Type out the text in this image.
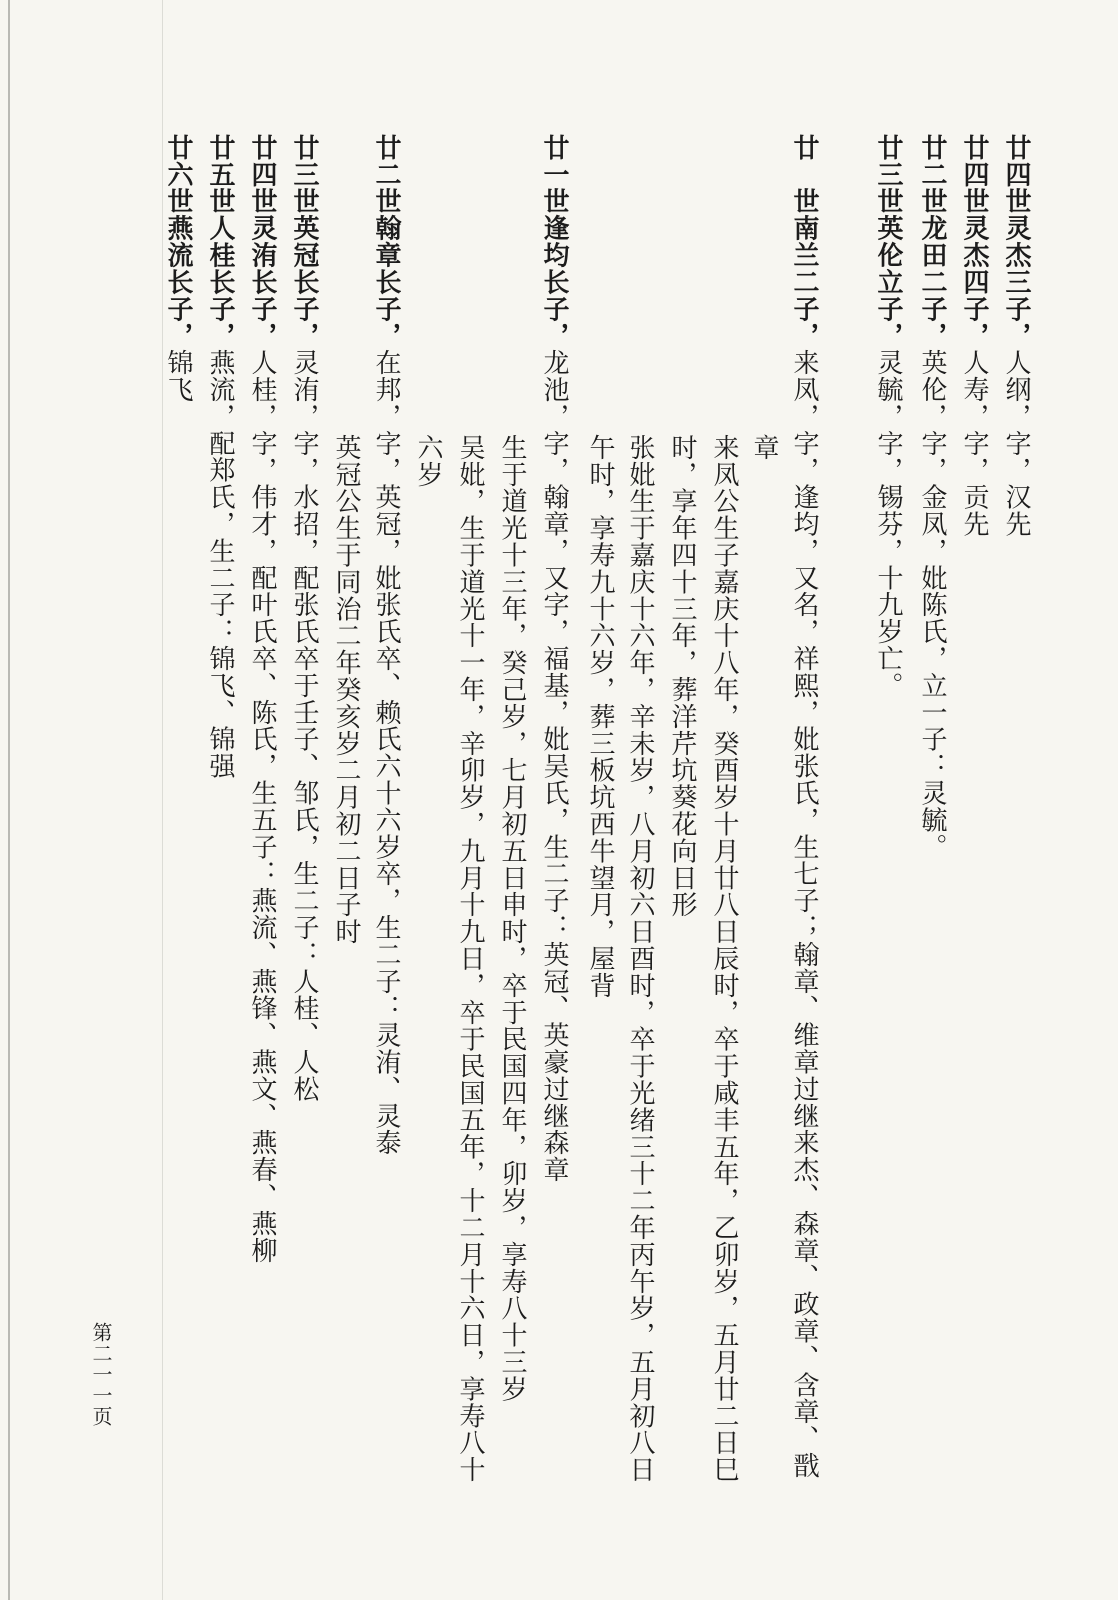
廿四世灵杰三子，人纲，字，汉先
廿四世灵杰四子，人寿，字，贡先
廿二世龙田二子，英伦，字，金凤，妣陈氏，立一子：灵毓。
廿三世英伦立子，灵毓，字，锡芬，十九岁亡。
廿　世南兰二子，来凤，字，逢均，又名，祥熙，妣张氏，生七子；翰章、维章过继来杰、森章、政章、含章、戬
章
来凤公生子嘉庆十八年，癸酉岁十月廿八日辰时，卒于咸丰五年，乙卯岁，五月廿二日巳
时，享年四十三年，葬洋芹坑葵花向日形
张妣生于嘉庆十六年，辛未岁，八月初六日酉时，卒于光绪三十二年丙午岁，五月初八日
午时，享寿九十六岁，葬三板坑西牛望月，屋背
廿一世逢均长子，龙池，字，翰章，又字，福基，妣吴氏，生二子：英冠、英豪过继森章
生于道光十三年，癸己岁，七月初五日申时，卒于民国四年，卯岁，享寿八十三岁
吴妣，生于道光十一年，辛卯岁，九月十九日，卒于民国五年，十二月十六日，享寿八十
六岁
廿二世翰章长子，在邦，字，英冠，妣张氏卒、赖氏六十六岁卒，生二子：灵洧、灵泰
英冠公生于同治二年癸亥岁二月初二日子时
廿三世英冠长子，灵洧，字，水招，配张氏卒于壬子、邹氏，生二子：人桂、人松
廿四世灵洧长子，人桂，字，伟才，配叶氏卒、陈氏，生五子：燕流、燕锋、燕文、燕春、燕柳
廿五世人桂长子，燕流，配郑氏，生二子：锦飞、锦强
廿六世燕流长子，锦飞
第二一一页
